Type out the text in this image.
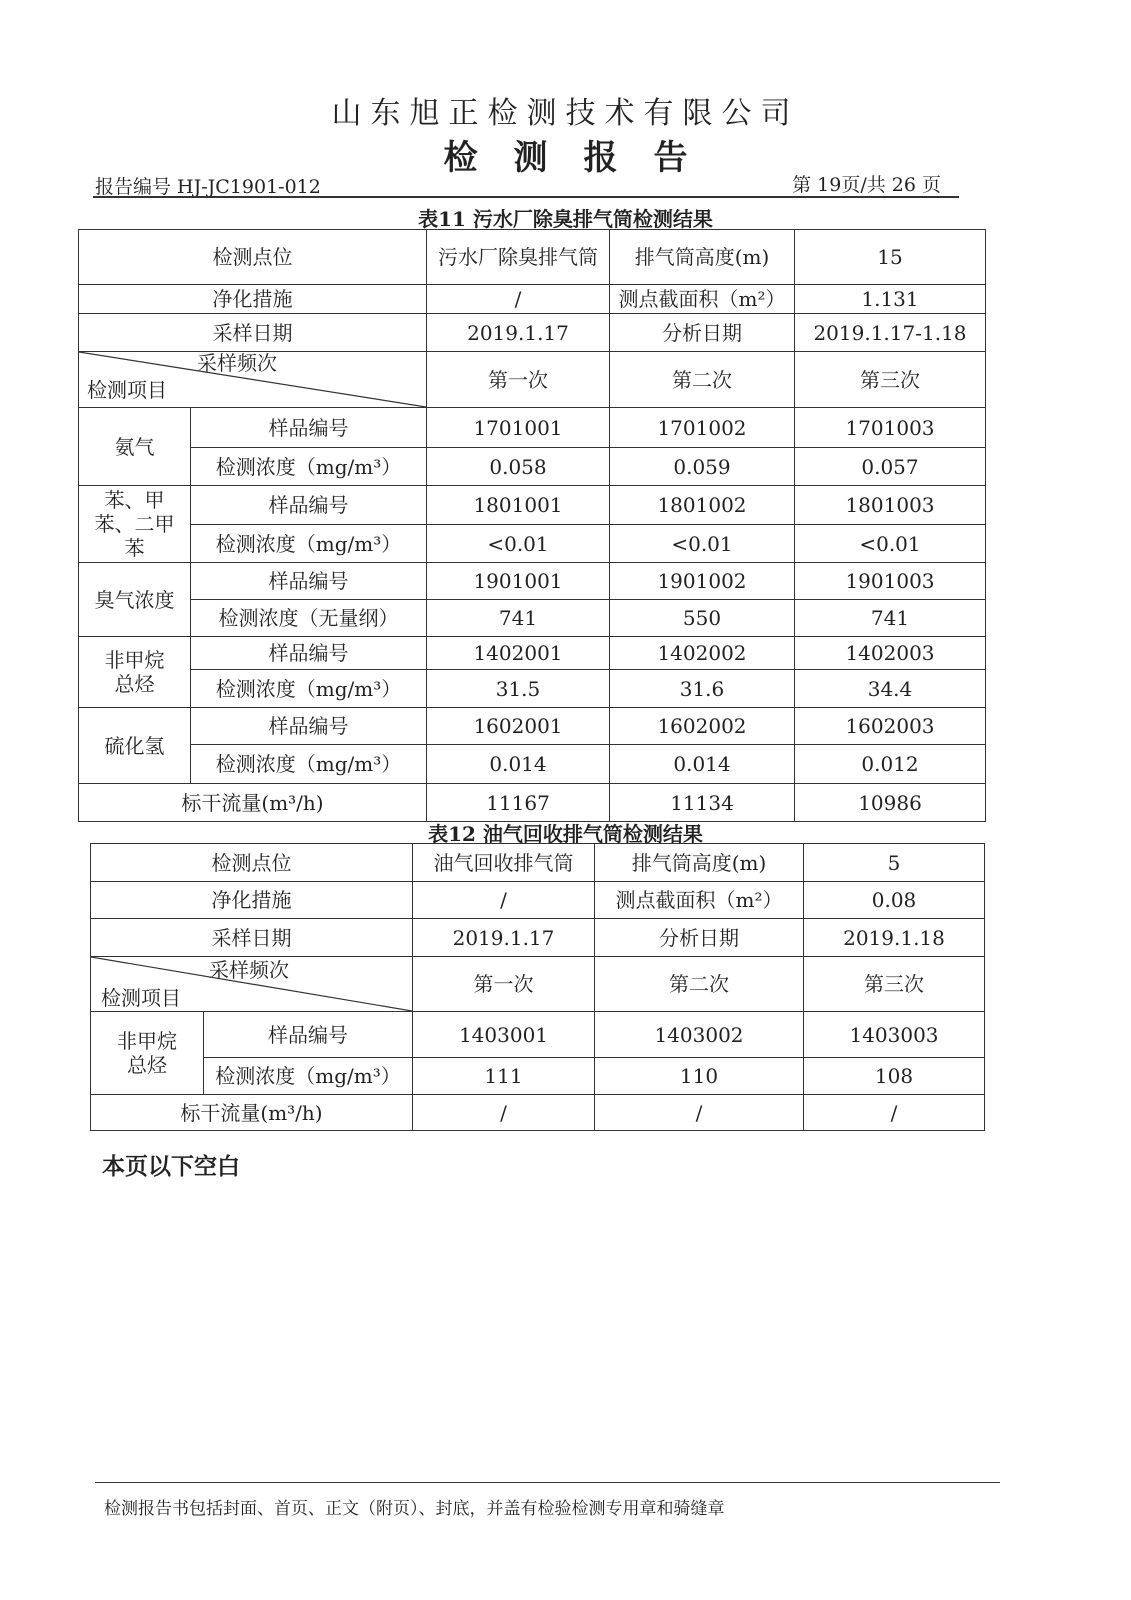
山东旭正检测技术有限公司
检测报告
报告编号 HJ-JC1901-012	第 19页/共 26 页
表11 污水厂除臭排气筒检测结果
检测点位		污水厂除臭排气筒	排气筒高度(m)	15
净化措施		/	测点截面积（m²）	1.131
采样日期		2019.1.17	分析日期	2019.1.17-1.18

采样频次
检测项目		第一次	第二次	第三次
氨气	样品编号	1701001	1701002	1701003
	检测浓度（mg/m³）	0.058	0.059	0.057
苯、甲苯、二甲苯	样品编号	1801001	1801002	1801003
	检测浓度（mg/m³）	<0.01	<0.01	<0.01
臭气浓度	样品编号	1901001	1901002	1901003
	检测浓度（无量纲）	741	550	741
非甲烷总烃	样品编号	1402001	1402002	1402003
	检测浓度（mg/m³）	31.5	31.6	34.4
硫化氢	样品编号	1602001	1602002	1602003
	检测浓度（mg/m³）	0.014	0.014	0.012
标干流量(m³/h)		11167	11134	10986
表12 油气回收排气筒检测结果
检测点位		油气回收排气筒	排气筒高度(m)	5
净化措施		/	测点截面积（m²）	0.08
采样日期		2019.1.17	分析日期	2019.1.18

采样频次
检测项目		第一次	第二次	第三次
非甲烷总烃	样品编号	1403001	1403002	1403003
	检测浓度（mg/m³）	111	110	108
标干流量(m³/h)		/	/	/
本页以下空白
检测报告书包括封面、首页、正文（附页）、封底，并盖有检验检测专用章和骑缝章
